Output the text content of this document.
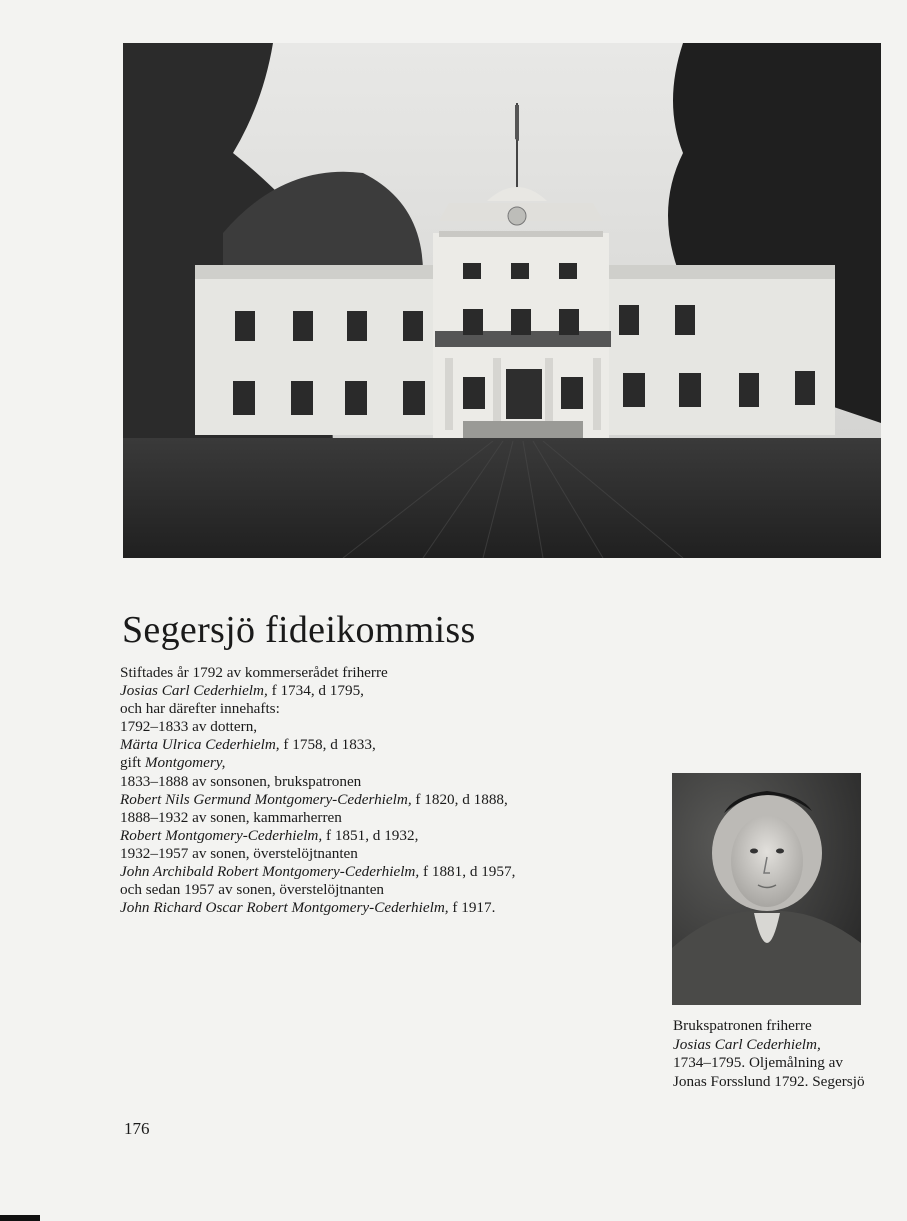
Segersjö fideikommiss
Stiftades år 1792 av kommerserådet friherre
Josias Carl Cederhielm, f 1734, d 1795,
och har därefter innehafts:
1792–1833 av dottern,
Märta Ulrica Cederhielm, f 1758, d 1833,
gift Montgomery,
1833–1888 av sonsonen, brukspatronen
Robert Nils Germund Montgomery-Cederhielm, f 1820, d 1888,
1888–1932 av sonen, kammarherren
Robert Montgomery-Cederhielm, f 1851, d 1932,
1932–1957 av sonen, överstelöjtnanten
John Archibald Robert Montgomery-Cederhielm, f 1881, d 1957,
och sedan 1957 av sonen, överstelöjtnanten
John Richard Oscar Robert Montgomery-Cederhielm, f 1917.
Brukspatronen friherre
Josias Carl Cederhielm,
1734–1795. Oljemålning av
Jonas Forsslund 1792. Segersjö
176
